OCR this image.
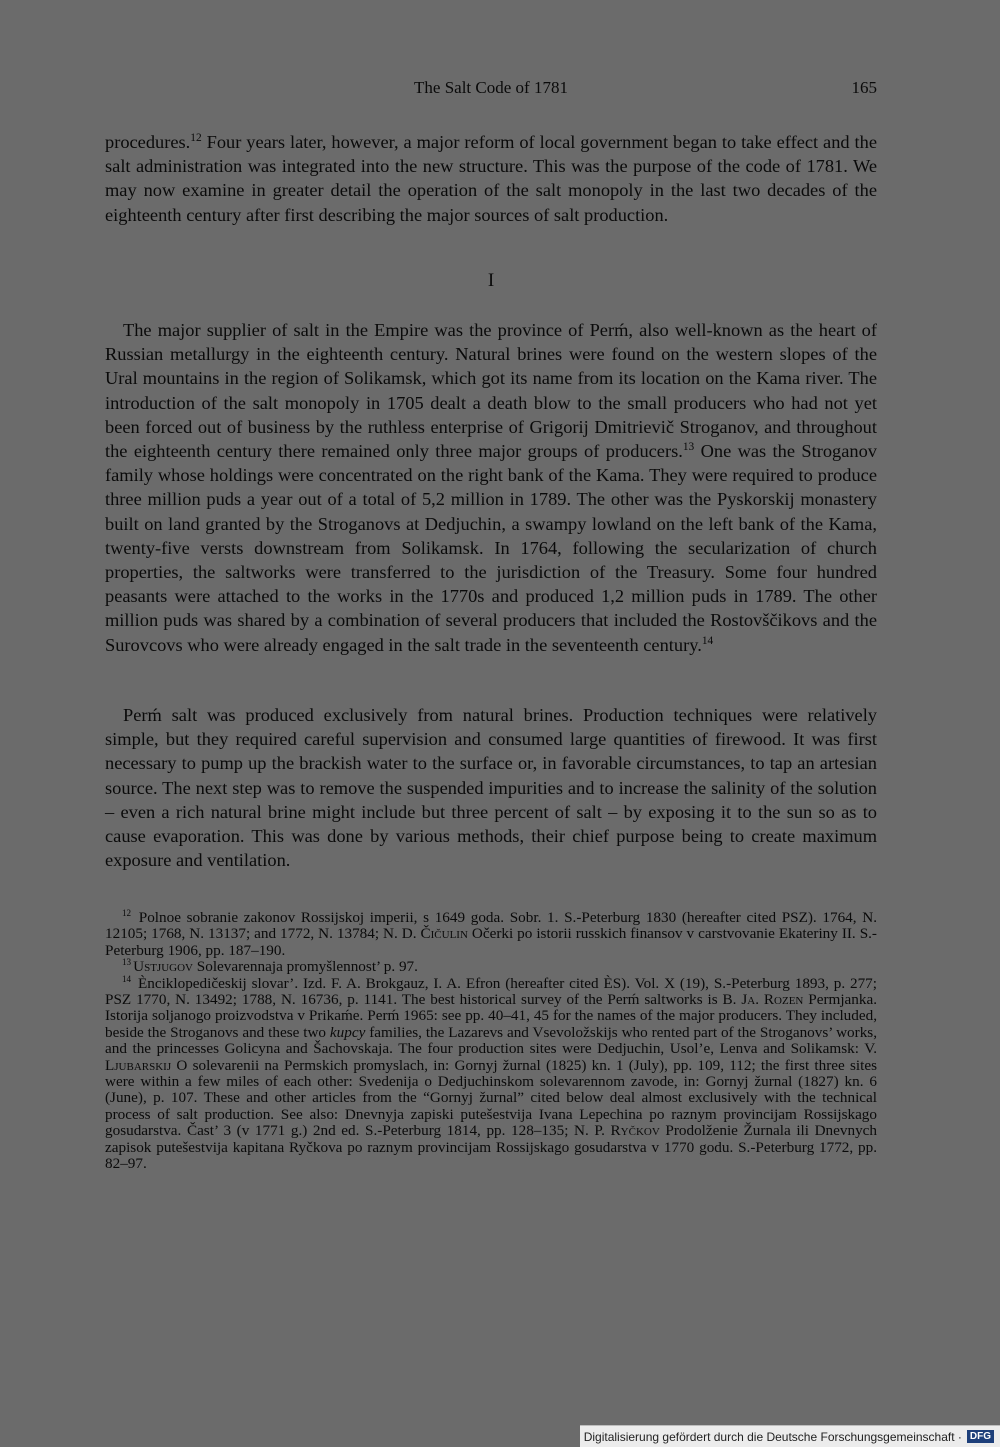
The Salt Code of 1781	165

procedures.$^{12}$ Four years later, however, a major reform of local government began to take effect and the salt administration was integrated into the new structure. This was the purpose of the code of 1781. We may now examine in greater detail the operation of the salt monopoly in the last two decades of the eighteenth century after first describing the major sources of salt production.

I

The major supplier of salt in the Empire was the province of Perḿ, also well-known as the heart of Russian metallurgy in the eighteenth century. Natural brines were found on the western slopes of the Ural mountains in the region of Solikamsk, which got its name from its location on the Kama river. The introduction of the salt monopoly in 1705 dealt a death blow to the small producers who had not yet been forced out of business by the ruthless enterprise of Grigorij Dmitrievič Stroganov, and throughout the eighteenth century there remained only three major groups of producers.$^{13}$ One was the Stroganov family whose holdings were concentrated on the right bank of the Kama. They were required to produce three million puds a year out of a total of 5,2 million in 1789. The other was the Pyskorskij monastery built on land granted by the Stroganovs at Dedjuchin, a swampy lowland on the left bank of the Kama, twenty-five versts downstream from Solikamsk. In 1764, following the secularization of church properties, the saltworks were transferred to the jurisdiction of the Treasury. Some four hundred peasants were attached to the works in the 1770s and produced 1,2 million puds in 1789. The other million puds was shared by a combination of several producers that included the Rostovščikovs and the Surovcovs who were already engaged in the salt trade in the seventeenth century.$^{14}$

Perḿ salt was produced exclusively from natural brines. Production techniques were relatively simple, but they required careful supervision and consumed large quantities of firewood. It was first necessary to pump up the brackish water to the surface or, in favorable circumstances, to tap an artesian source. The next step was to remove the suspended impurities and to increase the salinity of the solution – even a rich natural brine might include but three percent of salt – by exposing it to the sun so as to cause evaporation. This was done by various methods, their chief purpose being to create maximum exposure and ventilation.

$^{12}$ Polnoe sobranie zakonov Rossijskoj imperii, s 1649 goda. Sobr. 1. S.-Peterburg 1830 (hereafter cited PSZ). 1764, N. 12105; 1768, N. 13137; and 1772, N. 13784; N. D. Čičulin Očerki po istorii russkich finansov v carstvovanie Ekateriny II. S.-Peterburg 1906, pp. 187–190.

$^{13}$ Ustjugov Solevarennaja promyšlennost’ p. 97.

$^{14}$ Ènciklopedičeskij slovar’. Izd. F. A. Brokgauz, I. A. Efron (hereafter cited ÈS). Vol. X (19), S.-Peterburg 1893, p. 277; PSZ 1770, N. 13492; 1788, N. 16736, p. 1141. The best historical survey of the Perḿ saltworks is B. Ja. Rozen Permjanka. Istorija soljanogo proizvodstva v Prikaḿe. Perḿ 1965: see pp. 40–41, 45 for the names of the major producers. They included, beside the Stroganovs and these two kupcy families, the Lazarevs and Vsevoložskijs who rented part of the Stroganovs’ works, and the princesses Golicyna and Šachovskaja. The four production sites were Dedjuchin, Usol’e, Lenva and Solikamsk: V. Ljubarskij O solevarenii na Permskich promyslach, in: Gornyj žurnal (1825) kn. 1 (July), pp. 109, 112; the first three sites were within a few miles of each other: Svedenija o Dedjuchinskom solevarennom zavode, in: Gornyj žurnal (1827) kn. 6 (June), p. 107. These and other articles from the “Gornyj žurnal” cited below deal almost exclusively with the technical process of salt production. See also: Dnevnyja zapiski putešestvija Ivana Lepechina po raznym provincijam Rossijskago gosudarstva. Čast’ 3 (v 1771 g.) 2nd ed. S.-Peterburg 1814, pp. 128–135; N. P. Ryčkov Prodolženie Žurnala ili Dnevnych zapisok putešestvija kapitana Ryčkova po raznym provincijam Rossijskago gosudarstva v 1770 godu. S.-Peterburg 1772, pp. 82–97.

Digitalisierung gefördert durch die Deutsche Forschungsgemeinschaft · DFG
